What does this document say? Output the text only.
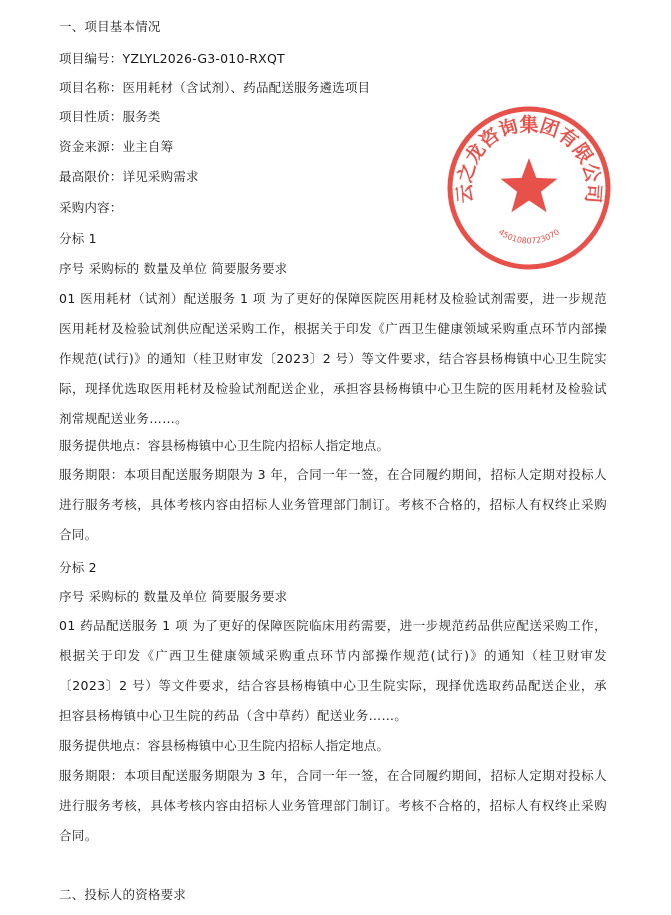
一、项目基本情况
项目编号：YZLYL2026-G3-010-RXQT
项目名称：医用耗材（含试剂）、药品配送服务遴选项目
项目性质：服务类
资金来源：业主自筹
最高限价：详见采购需求
采购内容：
分标 1
序号 采购标的 数量及单位 简要服务要求
01 医用耗材（试剂）配送服务 1 项 为了更好的保障医院医用耗材及检验试剂需要，进一步规范医用耗材及检验试剂供应配送采购工作，根据关于印发《广西卫生健康领域采购重点环节内部操作规范(试行)》的通知（桂卫财审发〔2023〕2 号）等文件要求，结合容县杨梅镇中心卫生院实际，现择优选取医用耗材及检验试剂配送企业，承担容县杨梅镇中心卫生院的医用耗材及检验试剂常规配送业务……。
服务提供地点：容县杨梅镇中心卫生院内招标人指定地点。
服务期限：本项目配送服务期限为 3 年，合同一年一签，在合同履约期间，招标人定期对投标人进行服务考核，具体考核内容由招标人业务管理部门制订。考核不合格的，招标人有权终止采购合同。
分标 2
序号 采购标的 数量及单位 简要服务要求
01 药品配送服务 1 项 为了更好的保障医院临床用药需要，进一步规范药品供应配送采购工作，根据关于印发《广西卫生健康领域采购重点环节内部操作规范(试行)》的通知（桂卫财审发〔2023〕2 号）等文件要求，结合容县杨梅镇中心卫生院实际，现择优选取药品配送企业，承担容县杨梅镇中心卫生院的药品（含中草药）配送业务……。
服务提供地点：容县杨梅镇中心卫生院内招标人指定地点。
服务期限：本项目配送服务期限为 3 年，合同一年一签，在合同履约期间，招标人定期对投标人进行服务考核，具体考核内容由招标人业务管理部门制订。考核不合格的，招标人有权终止采购合同。
二、投标人的资格要求
云之龙咨询集团有限公司
4501080723070
